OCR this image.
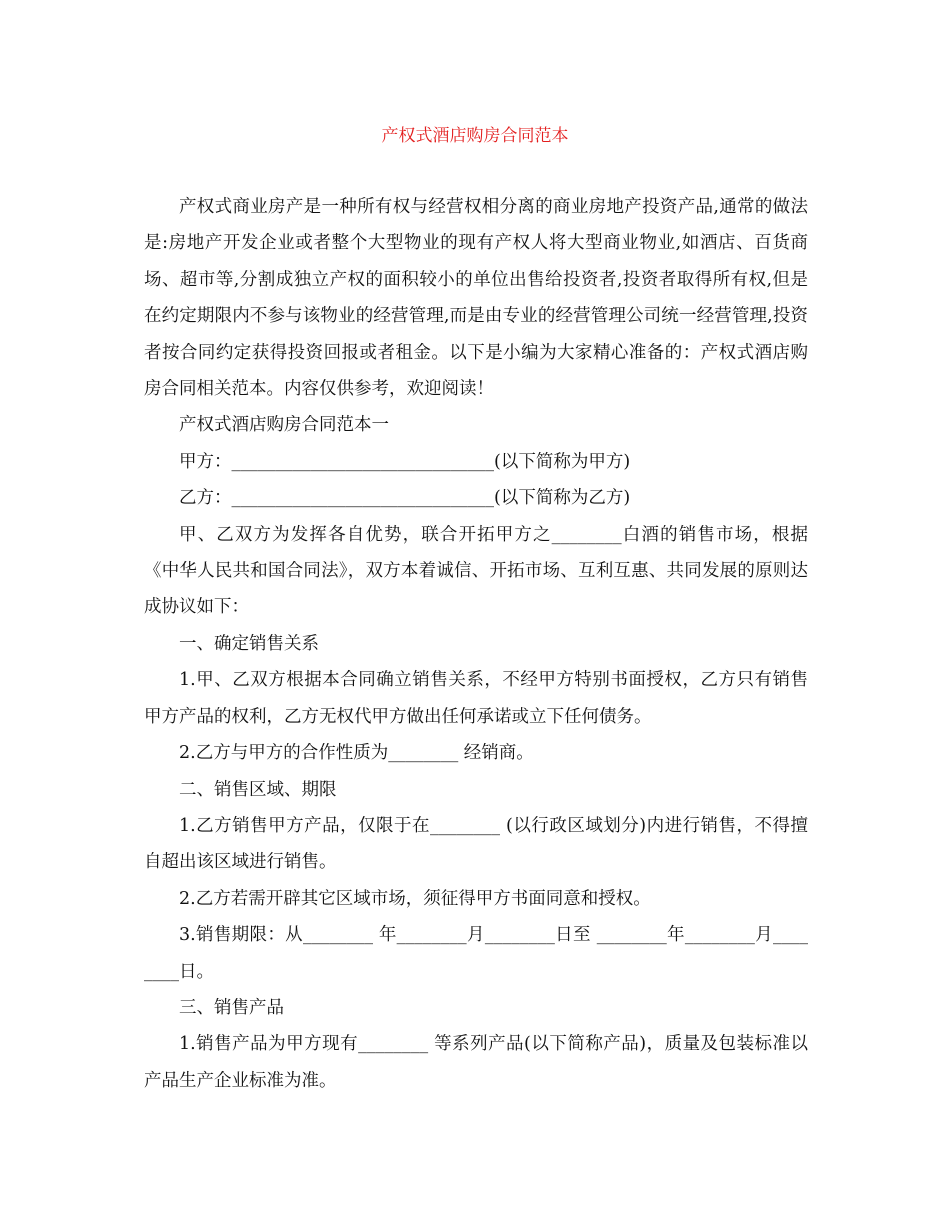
产权式酒店购房合同范本

产权式商业房产是一种所有权与经营权相分离的商业房地产投资产品,通常的做法是:房地产开发企业或者整个大型物业的现有产权人将大型商业物业,如酒店、百货商场、超市等,分割成独立产权的面积较小的单位出售给投资者,投资者取得所有权,但是在约定期限内不参与该物业的经营管理,而是由专业的经营管理公司统一经营管理,投资者按合同约定获得投资回报或者租金。以下是小编为大家精心准备的：产权式酒店购房合同相关范本。内容仅供参考，欢迎阅读！

产权式酒店购房合同范本一

甲方：______________________________(以下简称为甲方)

乙方：______________________________(以下简称为乙方)

甲、乙双方为发挥各自优势，联合开拓甲方之________白酒的销售市场，根据《中华人民共和国合同法》，双方本着诚信、开拓市场、互利互惠、共同发展的原则达成协议如下：

一、确定销售关系

1.甲、乙双方根据本合同确立销售关系，不经甲方特别书面授权，乙方只有销售甲方产品的权利，乙方无权代甲方做出任何承诺或立下任何债务。

2.乙方与甲方的合作性质为________ 经销商。

二、销售区域、期限

1.乙方销售甲方产品，仅限于在________ (以行政区域划分)内进行销售，不得擅自超出该区域进行销售。

2.乙方若需开辟其它区域市场，须征得甲方书面同意和授权。

3.销售期限：从________ 年________月________日至 ________年________月________日。

三、销售产品

1.销售产品为甲方现有________ 等系列产品(以下简称产品)，质量及包装标准以产品生产企业标准为准。
